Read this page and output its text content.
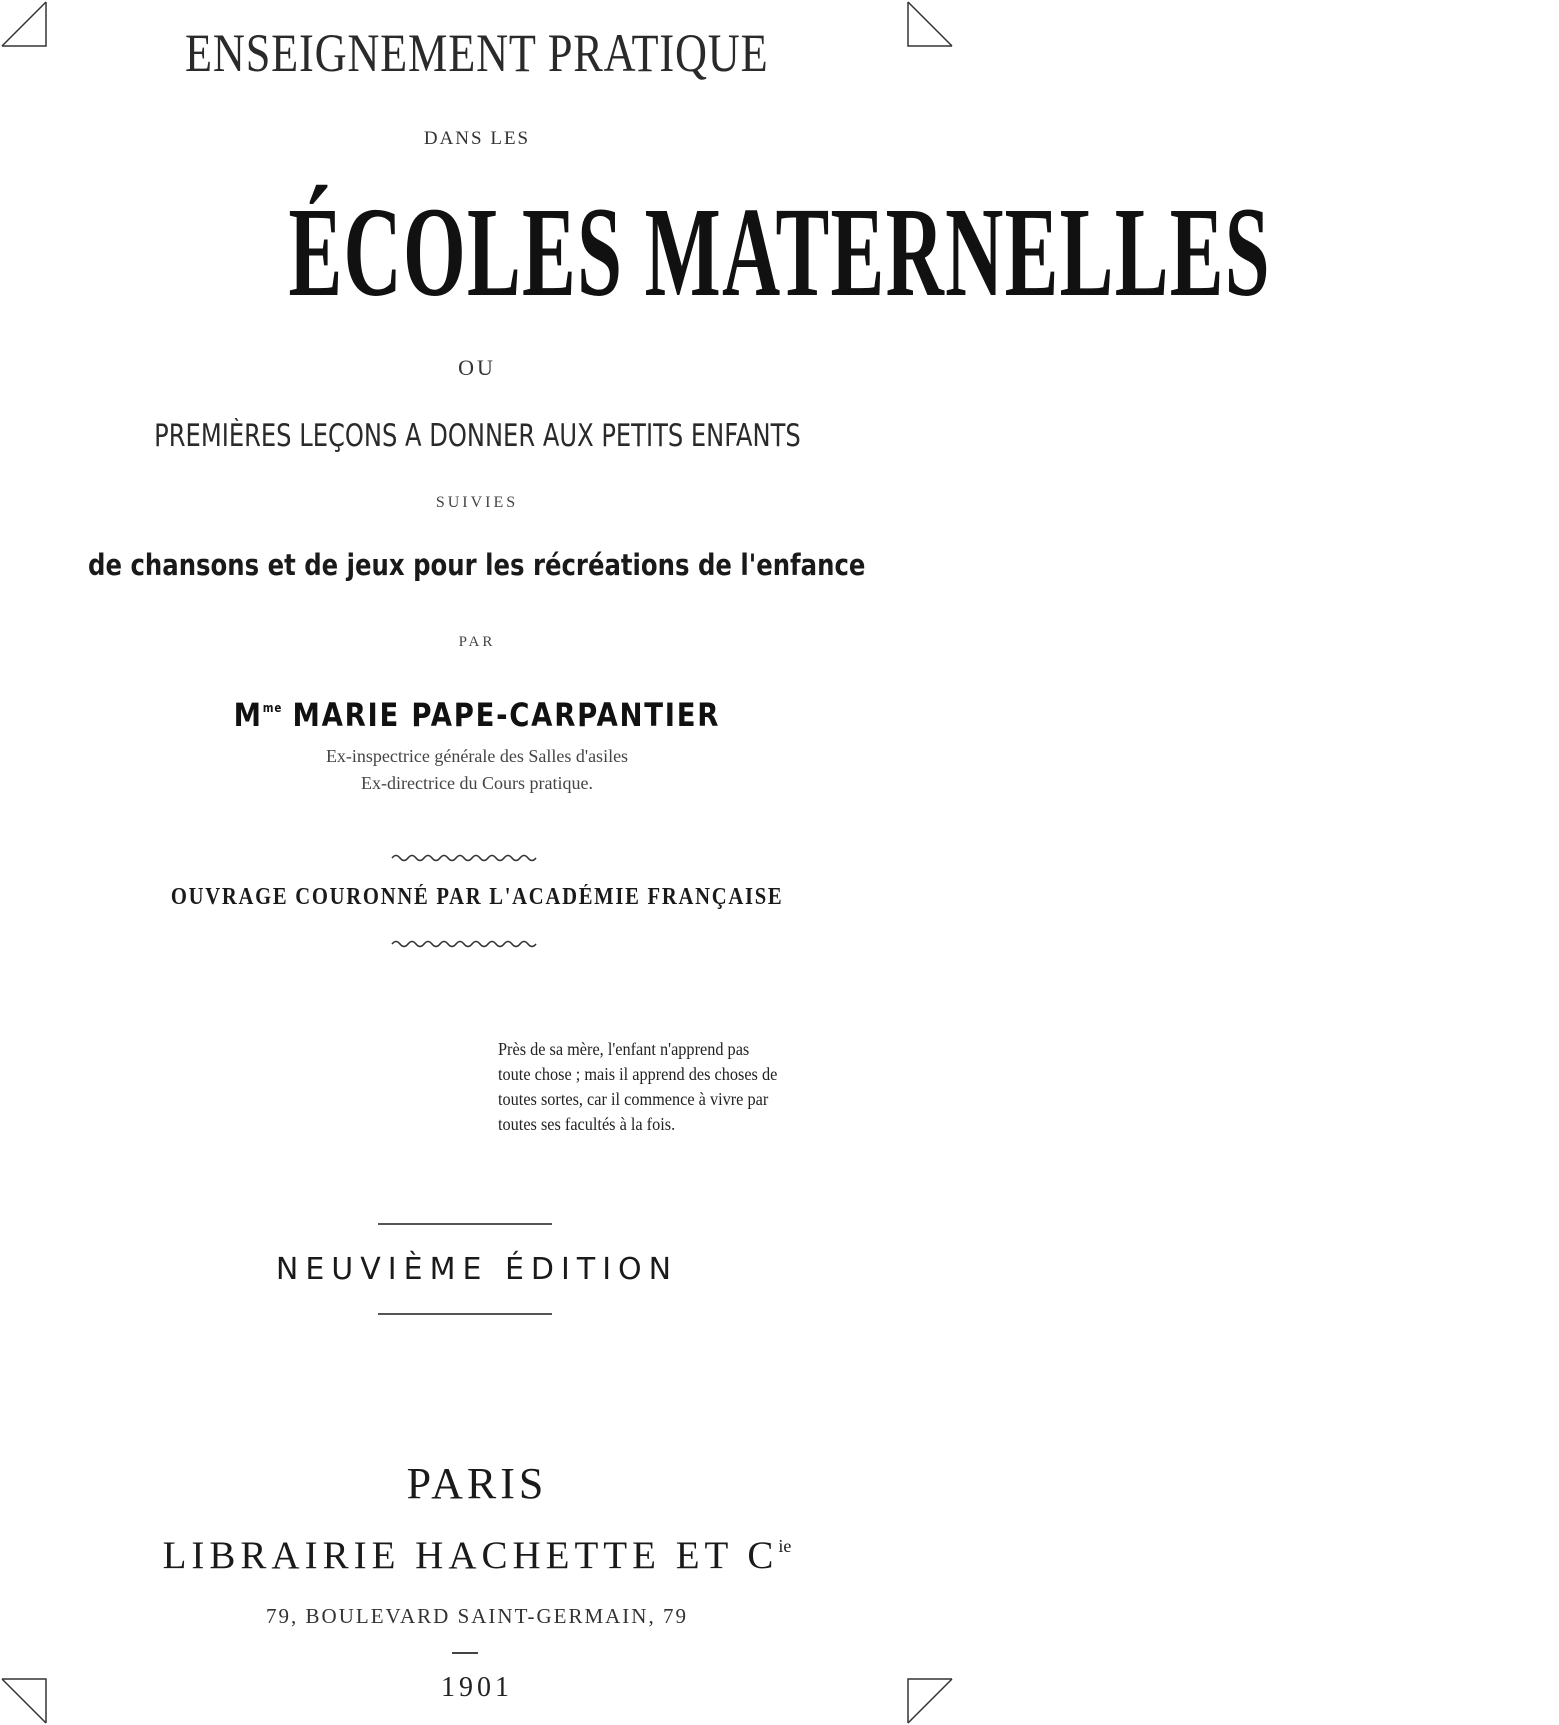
ENSEIGNEMENT PRATIQUE
DANS LES
ÉCOLES MATERNELLES
OU
PREMIÈRES LEÇONS A DONNER AUX PETITS ENFANTS
SUIVIES
de chansons et de jeux pour les récréations de l'enfance
PAR
$M^{me}$ MARIE PAPE-CARPANTIER
Ex-inspectrice générale des Salles d'asiles
Ex-directrice du Cours pratique.
OUVRAGE COURONNÉ PAR L'ACADÉMIE FRANÇAISE
Près de sa mère, l'enfant n'apprend pas
toute chose ; mais il apprend des choses de
toutes sortes, car il commence à vivre par
toutes ses facultés à la fois.
NEUVIÈME ÉDITION
PARIS
LIBRAIRIE HACHETTE ET $C^{ie}$
79, BOULEVARD SAINT-GERMAIN, 79
1901
